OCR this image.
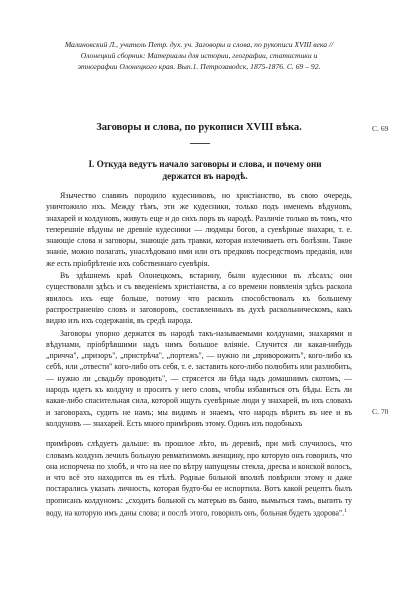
Малиновский Л., учитель Петр. дух. уч. Заговоры и слова, по рукописи XVIII века //
Олонецкий сборник: Материалы для истории, географии, статистики и
этнографии Олонецкого края. Вып.1. Петрозаводск, 1875-1876. С. 69 – 92.
С. 69
С. 70
Заговоры и слова, по рукописи XVIII вѣка.
I. Откуда ведутъ начало заговоры и слова, и почему они
держатся въ народѣ.

Язычество славянъ породило кудесниковъ, но христіанство, въ свою очередь, уничтожило ихъ. Между тѣмъ, эти же кудесники, только подъ именемъ вѣдуновъ, знахарей и колдуновъ, живуть еще и до сихъ поръ въ народѣ. Различіе только въ томъ, что теперешніе вѣдуны не древніе кудесники — людмцы богов, а суевѣрные знахари, т. е. знающіе слова и заговоры, знающіе дать травки, которая излечиваеть отъ болѣзни. Такое знаніе, можно полагать, унаслѣдовано ими или отъ предковъ посредствомъ преданія, или же есть пріобрѣтеніе ихъ собственнаго суевѣрія.

Въ здѣшнемъ краѣ Олонецкомъ, встарину, были кудесники въ лѣсахъ; они существовали здѣсь и съ введеніемъ христіанства, а со времени появленія здѣсь раскола явилось ихъ еще больше, потому что расколъ способствовалъ къ большему распространенію словъ и заговоровъ, составленныхъ въ духѣ раскольническомъ, какъ видно изъ ихъ содержанія, въ средѣ народа.

Заговоры упорно держатся въ народѣ такъ-называемыми колдунами, знахарями и вѣдунами, пріобрѣвшими надъ нимъ большое вліяніе. Случится ли какая-нибудь „причча", „призоръ", „пристрѣча", „портежъ", — нужно ли „приворожить", кого-либо къ себѣ, или „отвести" кого-либо отъ себя, т. е. заставить кого-либо полюбить или разлюбить, — нужно ли „свадьбу проводить", — стрясется ли бѣда надъ домашнимъ скотомъ, — народъ идетъ къ колдуну и проситъ у него словъ, чтобы избавиться отъ бѣды. Есть ли какая-либо спасительная сила, которой ищуть суевѣрные люди у знахарей, въ ихъ словахъ и заговорахъ, судить не намъ; мы видимъ и знаемъ, что народъ вѣритъ въ нее и въ колдуновъ — знахарей. Есть много примѣровъ этому. Одинъ изъ подобныхъ

примѣровъ слѣдуетъ дальше: въ прошлое лѣто, въ деревнѣ, при мнѣ случилось, что словамъ колдунъ лечилъ больную ревматизмомъ женщину, про которую онъ говорилъ, что она испорчена по злобѣ, и что на нее по вѣтру напущены стекла, дресва и конской волосъ, и что всё это находится въ ея тѣлѣ. Родные больной вполнѣ повѣрили этому и даже постарались указать личность, которая будто-бы ее испортила. Вотъ какой рецептъ былъ прописанъ колдуномъ: „сходить больной съ матерью въ баню, вымыться тамъ, выпить ту воду, на которую имъ даны слова; и послѣ этого, говорилъ онъ, больная будетъ здорова".$^1$
